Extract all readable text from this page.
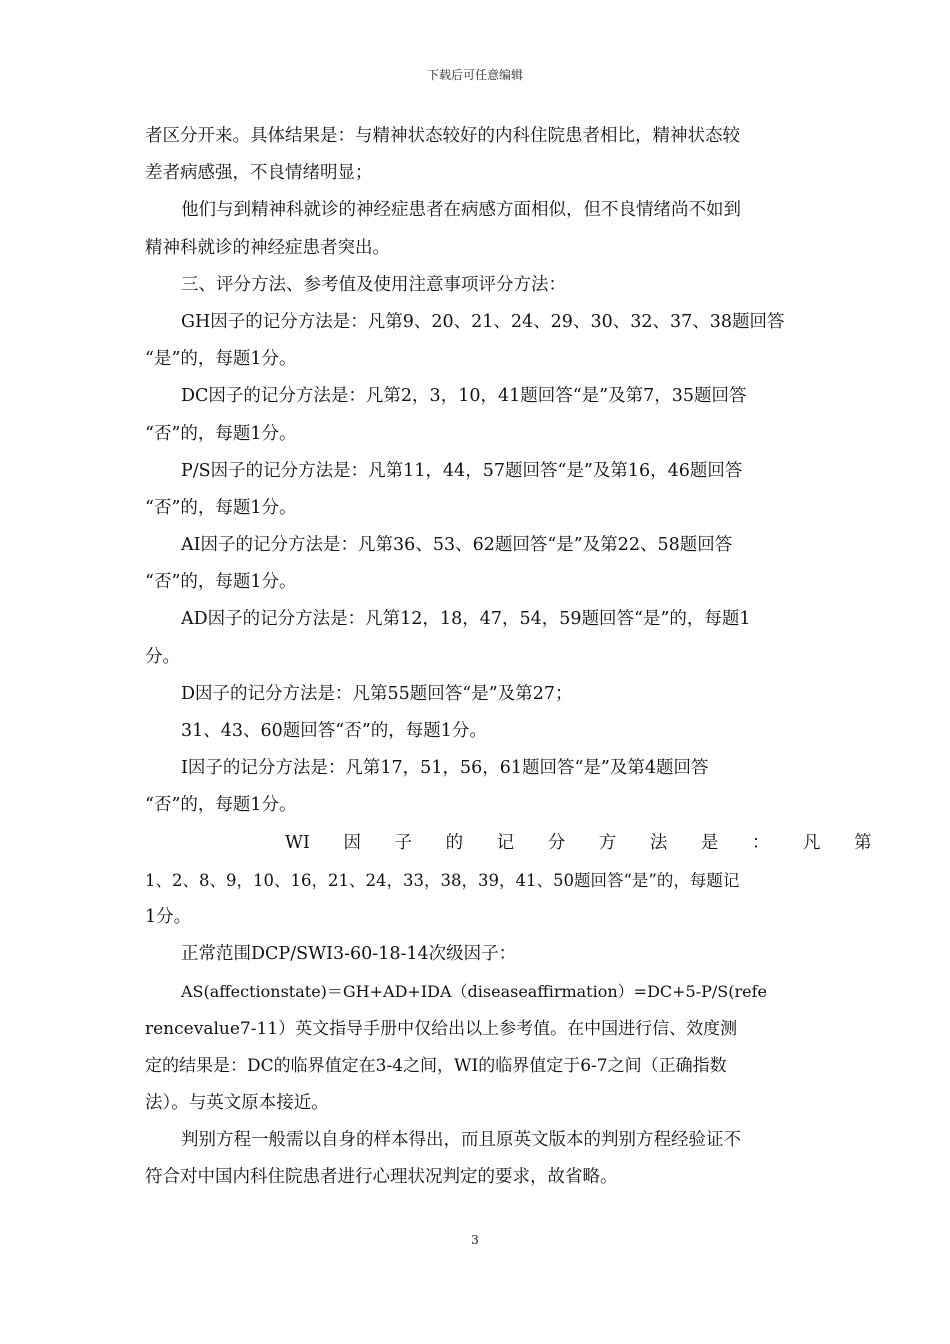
下载后可任意编辑
者区分开来。具体结果是：与精神状态较好的内科住院患者相比，精神状态较
差者病感强，不良情绪明显；
他们与到精神科就诊的神经症患者在病感方面相似，但不良情绪尚不如到
精神科就诊的神经症患者突出。
三、评分方法、参考值及使用注意事项评分方法：
GH因子的记分方法是：凡第9、20、21、24、29、30、32、37、38题回答
“是”的，每题1分。
DC因子的记分方法是：凡第2，3，10，41题回答“是”及第7，35题回答
“否”的，每题1分。
P/S因子的记分方法是：凡第11，44，57题回答“是”及第16，46题回答
“否”的，每题1分。
AI因子的记分方法是：凡第36、53、62题回答“是”及第22、58题回答
“否”的，每题1分。
AD因子的记分方法是：凡第12，18，47，54，59题回答“是”的，每题1
分。
D因子的记分方法是：凡第55题回答“是”及第27；
31、43、60题回答“否”的，每题1分。
I因子的记分方法是：凡第17，51，56，61题回答“是”及第4题回答
“否”的，每题1分。
WI 因 子 的 记 分 方 法 是 ： 凡 第
1、2、8、9，10、16，21、24，33，38，39，41、50题回答“是”的，每题记
1分。
正常范围DCP/SWI3-60-18-14次级因子：
AS(affectionstate)＝GH+AD+IDA（diseaseaffirmation）=DC+5-P/S(refe
rencevalue7-11）英文指导手册中仅给出以上参考值。在中国进行信、效度测
定的结果是：DC的临界值定在3-4之间，WI的临界值定于6-7之间（正确指数
法）。与英文原本接近。
判别方程一般需以自身的样本得出，而且原英文版本的判别方程经验证不
符合对中国内科住院患者进行心理状况判定的要求，故省略。
3
